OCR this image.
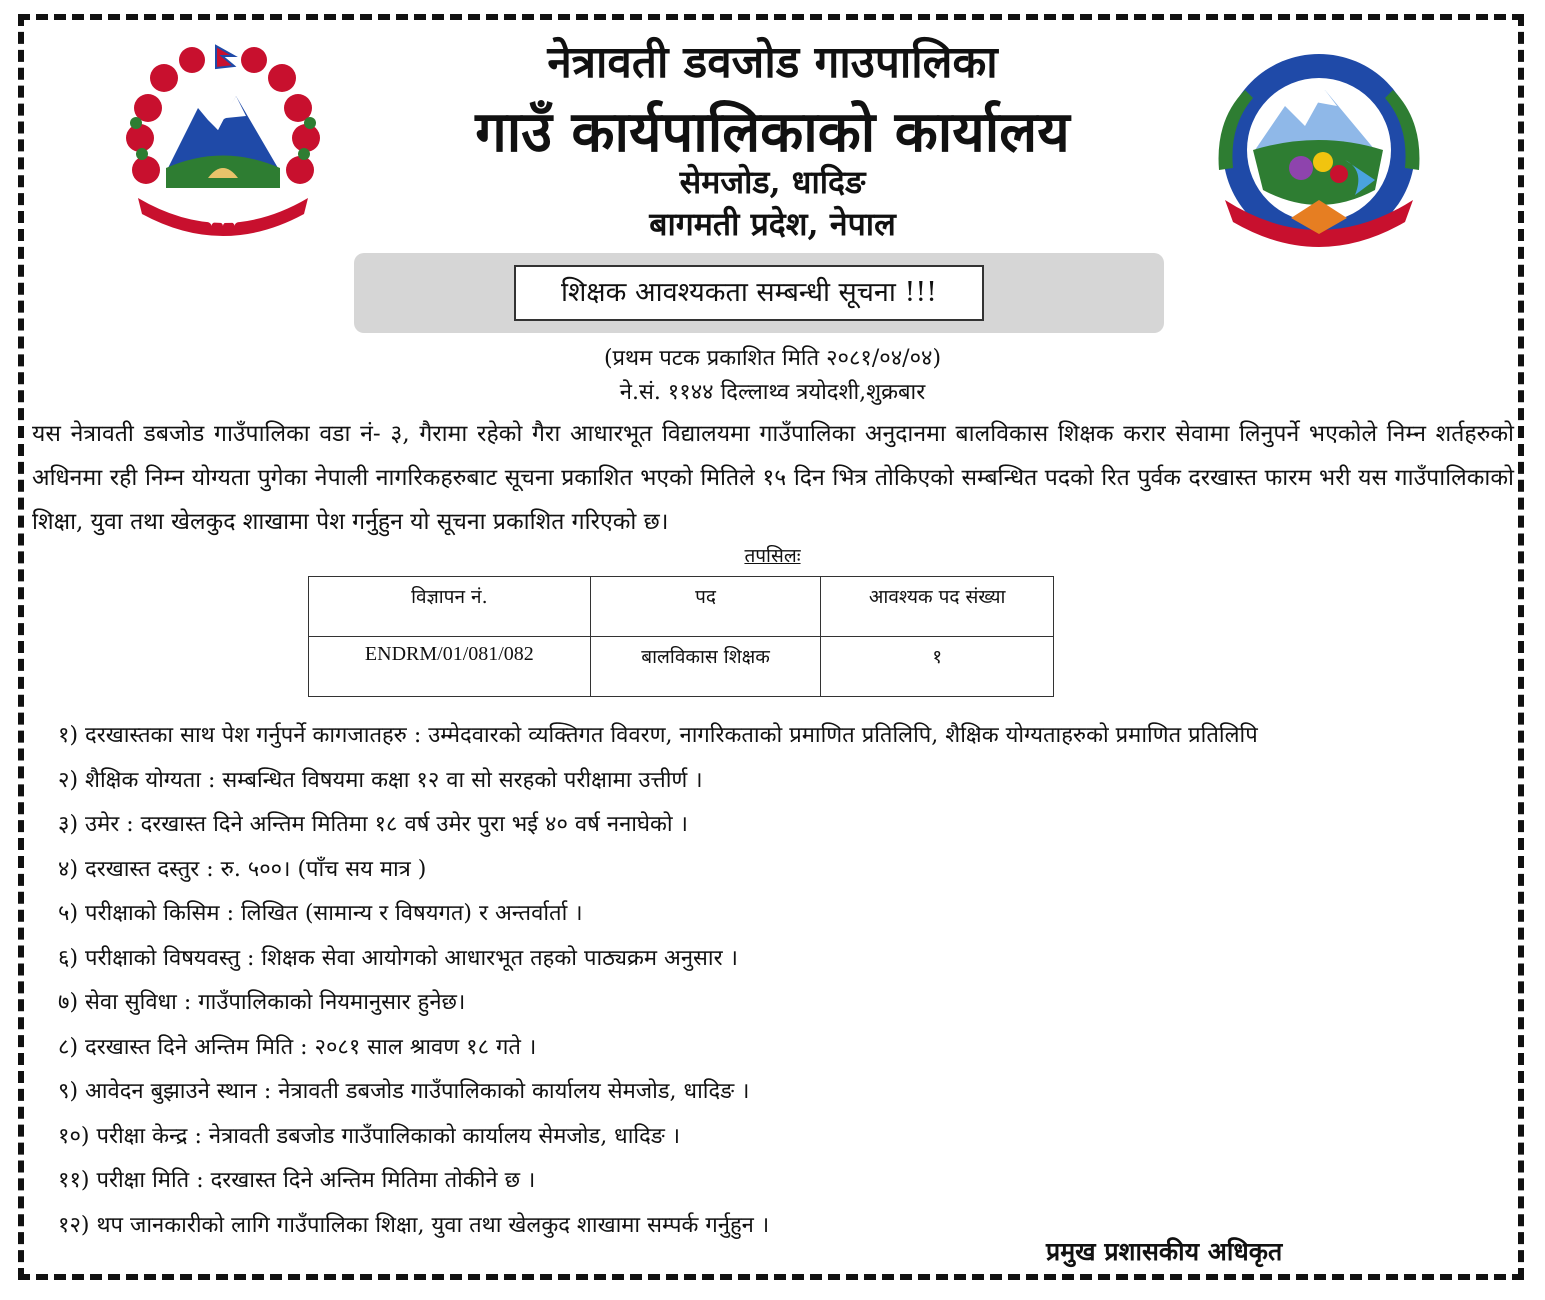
✦ ✦ ✦
नेत्रावती डवजोड गाउपालिका
गाउँ कार्यपालिकाको कार्यालय
सेमजोड, धादिङ
बागमती प्रदेश, नेपाल
शिक्षक आवश्यकता सम्बन्धी सूचना !!!
(प्रथम पटक प्रकाशित मिति २०८१/०४/०४)
ने.सं. ११४४ दिल्लाथ्व त्रयोदशी,शुक्रबार
यस नेत्रावती डबजोड गाउँपालिका वडा नं- ३, गैरामा रहेको गैरा आधारभूत विद्यालयमा गाउँपालिका अनुदानमा बालविकास शिक्षक करार सेवामा लिनुपर्ने भएकोले निम्न शर्तहरुको अधिनमा रही निम्न योग्यता पुगेका नेपाली नागरिकहरुबाट सूचना प्रकाशित भएको मितिले १५ दिन भित्र तोकिएको सम्बन्धित पदको रित पुर्वक दरखास्त फारम भरी यस गाउँपालिकाको शिक्षा, युवा तथा खेलकुद शाखामा पेश गर्नुहुन यो सूचना प्रकाशित गरिएको छ।
तपसिलः
विज्ञापन नं.	पद	आवश्यक पद संख्या
ENDRM/01/081/082	बालविकास शिक्षक	१
१) दरखास्तका साथ पेश गर्नुपर्ने कागजातहरु : उम्मेदवारको व्यक्तिगत विवरण, नागरिकताको प्रमाणित प्रतिलिपि, शैक्षिक योग्यताहरुको प्रमाणित प्रतिलिपि
२) शैक्षिक योग्यता : सम्बन्धित विषयमा कक्षा १२ वा सो सरहको परीक्षामा उत्तीर्ण ।
३) उमेर : दरखास्त दिने अन्तिम मितिमा १८ वर्ष उमेर पुरा भई ४० वर्ष ननाघेको ।
४) दरखास्त दस्तुर : रु. ५००। (पाँच सय मात्र )
५) परीक्षाको किसिम : लिखित (सामान्य र विषयगत) र अन्तर्वार्ता ।
६) परीक्षाको विषयवस्तु : शिक्षक सेवा आयोगको आधारभूत तहको पाठ्यक्रम अनुसार ।
७) सेवा सुविधा : गाउँपालिकाको नियमानुसार हुनेछ।
८) दरखास्त दिने अन्तिम मिति : २०८१ साल श्रावण १८ गते ।
९) आवेदन बुझाउने स्थान : नेत्रावती डबजोड गाउँपालिकाको कार्यालय सेमजोड, धादिङ ।
१०) परीक्षा केन्द्र : नेत्रावती डबजोड गाउँपालिकाको कार्यालय सेमजोड, धादिङ ।
११) परीक्षा मिति : दरखास्त दिने अन्तिम मितिमा तोकीने छ ।
१२) थप जानकारीको लागि गाउँपालिका शिक्षा, युवा तथा खेलकुद शाखामा सम्पर्क गर्नुहुन ।
प्रमुख प्रशासकीय अधिकृत
